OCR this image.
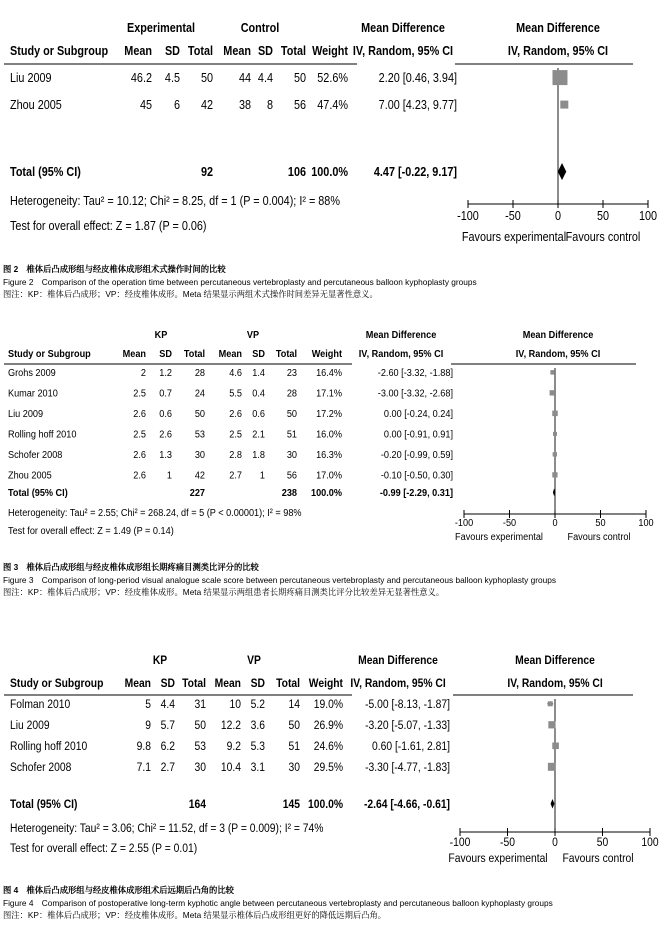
Experimental	Control	Mean Difference	Mean Difference
Study or Subgroup Mean SD Total Mean SD Total Weight IV, Random, 95% CI	IV, Random, 95% CI
Liu 2009	46.2 4.5 50 44 4.4 50 52.6% 2.20 [0.46, 3.94]
Zhou 2005	45 6 42 38 8 56 47.4% 7.00 [4.23, 9.77]
Total (95% CI)	92	106 100.0% 4.47 [-0.22, 9.17]
Heterogeneity: Tau² = 10.12; Chi² = 8.25, df = 1 (P = 0.004); I² = 88%
Test for overall effect: Z = 1.87 (P = 0.06)
-100 -50	0	50 100
Favours experimental Favours control
图 2　椎体后凸成形组与经皮椎体成形组术式操作时间的比较
Figure 2　Comparison of the operation time between percutaneous vertebroplasty and percutaneous balloon kyphoplasty groups
图注：KP：椎体后凸成形；VP：经皮椎体成形。Meta 结果显示两组术式操作时间差异无显著性意义。
KP	VP	Mean Difference	Mean Difference
Study or Subgroup	Mean SD Total Mean SD Total Weight IV, Random, 95% CI	IV, Random, 95% CI
Grohs 2009	2 1.2 28 4.6 1.4 23 16.4%	-2.60 [-3.32, -1.88]
Kumar 2010	2.5 0.7 24 5.5 0.4 28 17.1%	-3.00 [-3.32, -2.68]
Liu 2009	2.6 0.6 50 2.6 0.6 50 17.2%	0.00 [-0.24, 0.24]
Rolling hoff 2010	2.5 2.6 53 2.5 2.1 51 16.0%	0.00 [-0.91, 0.91]
Schofer 2008	2.6 1.3 30 2.8 1.8 30 16.3%	-0.20 [-0.99, 0.59]
Zhou 2005	2.6 1 42 2.7 1 56 17.0%	-0.10 [-0.50, 0.30]
Total (95% CI)	227	238 100.0%	-0.99 [-2.29, 0.31]
Heterogeneity: Tau² = 2.55; Chi² = 268.24, df = 5 (P < 0.00001); I² = 98%
Test for overall effect: Z = 1.49 (P = 0.14)
-100	-50	0	50	100
Favours experimental Favours control
图 3　椎体后凸成形组与经皮椎体成形组长期疼痛目测类比评分的比较
Figure 3　Comparison of long-period visual analogue scale score between percutaneous vertebroplasty and percutaneous balloon kyphoplasty groups
图注：KP：椎体后凸成形；VP：经皮椎体成形。Meta 结果显示两组患者长期疼痛目测类比评分比较差异无显著性意义。
KP	VP	Mean Difference	Mean Difference
Study or Subgroup Mean SD Total Mean SD Total Weight IV, Random, 95% CI	IV, Random, 95% CI
Folman 2010	5 4.4 31 10 5.2 14 19.0% -5.00 [-8.13, -1.87]
Liu 2009	9 5.7 50 12.2 3.6 50 26.9% -3.20 [-5.07, -1.33]
Rolling hoff 2010	9.8 6.2 53 9.2 5.3 51 24.6% 0.60 [-1.61, 2.81]
Schofer 2008	7.1 2.7 30 10.4 3.1 30 29.5% -3.30 [-4.77, -1.83]
Total (95% CI)	164	145 100.0% -2.64 [-4.66, -0.61]
Heterogeneity: Tau² = 3.06; Chi² = 11.52, df = 3 (P = 0.009); I² = 74%
Test for overall effect: Z = 2.55 (P = 0.01)	-100 -50	0	50	100
Favours experimental Favours control
图 4　椎体后凸成形组与经皮椎体成形组术后远期后凸角的比较
Figure 4　Comparison of postoperative long-term kyphotic angle between percutaneous vertebroplasty and percutaneous balloon kyphoplasty groups
图注：KP：椎体后凸成形；VP：经皮椎体成形。Meta 结果显示椎体后凸成形组更好的降低远期后凸角。
